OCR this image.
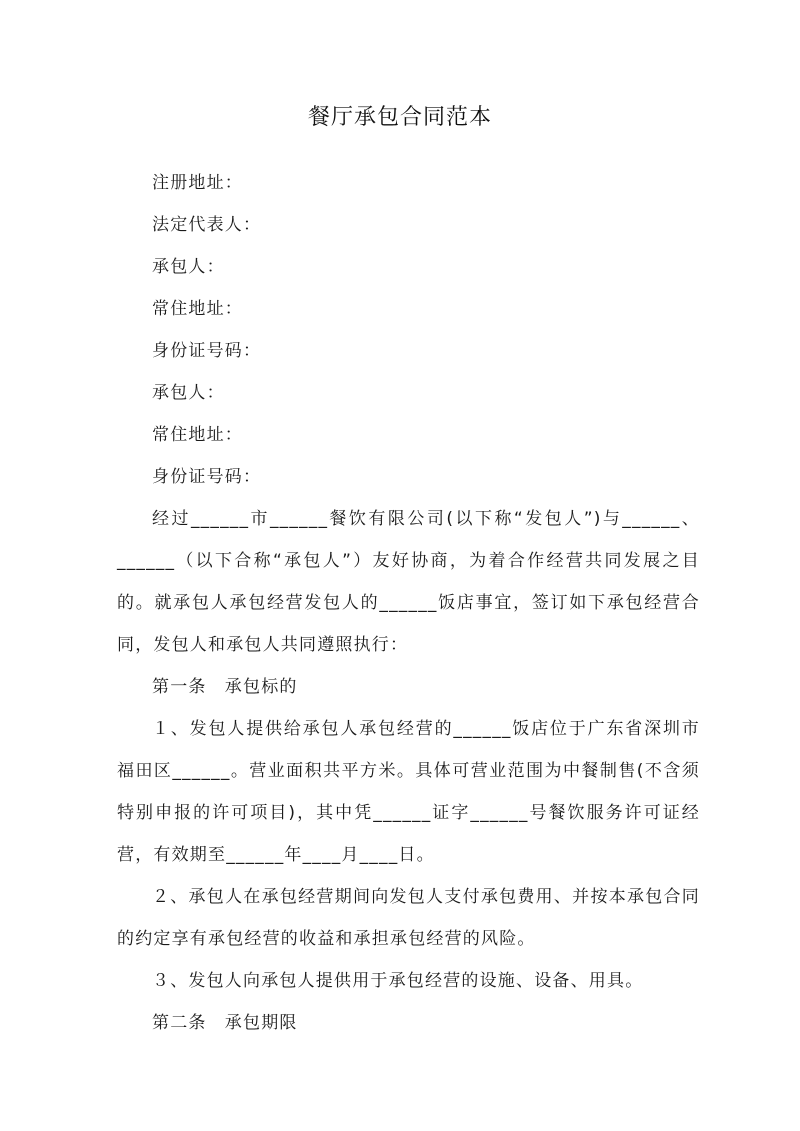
餐厅承包合同范本

注册地址：

法定代表人：

承包人：

常住地址：

身份证号码：

承包人：

常住地址：

身份证号码：

经过______市______餐饮有限公司(以下称“发包人”)与______、______（以下合称“承包人”）友好协商，为着合作经营共同发展之目的。就承包人承包经营发包人的______饭店事宜，签订如下承包经营合同，发包人和承包人共同遵照执行：

第一条　承包标的

１、发包人提供给承包人承包经营的______饭店位于广东省深圳市福田区______。营业面积共平方米。具体可营业范围为中餐制售(不含须特别申报的许可项目)，其中凭______证字______号餐饮服务许可证经营，有效期至______年____月____日。

２、承包人在承包经营期间向发包人支付承包费用、并按本承包合同的约定享有承包经营的收益和承担承包经营的风险。

３、发包人向承包人提供用于承包经营的设施、设备、用具。

第二条　承包期限
